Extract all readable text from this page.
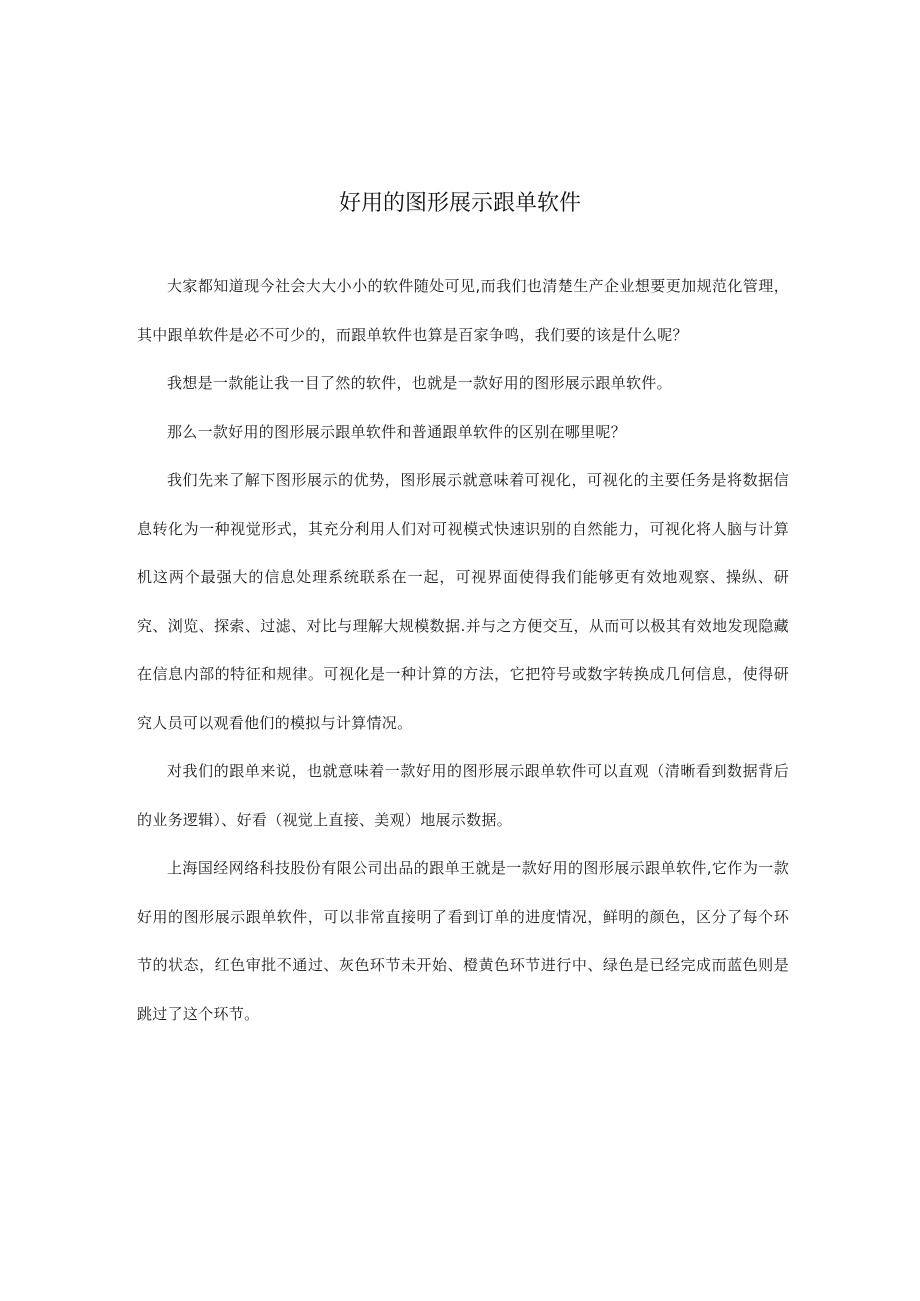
好用的图形展示跟单软件

大家都知道现今社会大大小小的软件随处可见,而我们也清楚生产企业想要更加规范化管理，其中跟单软件是必不可少的，而跟单软件也算是百家争鸣，我们要的该是什么呢？

我想是一款能让我一目了然的软件，也就是一款好用的图形展示跟单软件。

那么一款好用的图形展示跟单软件和普通跟单软件的区别在哪里呢？

我们先来了解下图形展示的优势，图形展示就意味着可视化，可视化的主要任务是将数据信息转化为一种视觉形式，其充分利用人们对可视模式快速识别的自然能力，可视化将人脑与计算机这两个最强大的信息处理系统联系在一起，可视界面使得我们能够更有效地观察、操纵、研究、浏览、探索、过滤、对比与理解大规模数据.并与之方便交互，从而可以极其有效地发现隐藏在信息内部的特征和规律。可视化是一种计算的方法，它把符号或数字转换成几何信息，使得研究人员可以观看他们的模拟与计算情况。

对我们的跟单来说，也就意味着一款好用的图形展示跟单软件可以直观（清晰看到数据背后的业务逻辑）、好看（视觉上直接、美观）地展示数据。

上海国经网络科技股份有限公司出品的跟单王就是一款好用的图形展示跟单软件,它作为一款好用的图形展示跟单软件，可以非常直接明了看到订单的进度情况，鲜明的颜色，区分了每个环节的状态，红色审批不通过、灰色环节未开始、橙黄色环节进行中、绿色是已经完成而蓝色则是跳过了这个环节。
